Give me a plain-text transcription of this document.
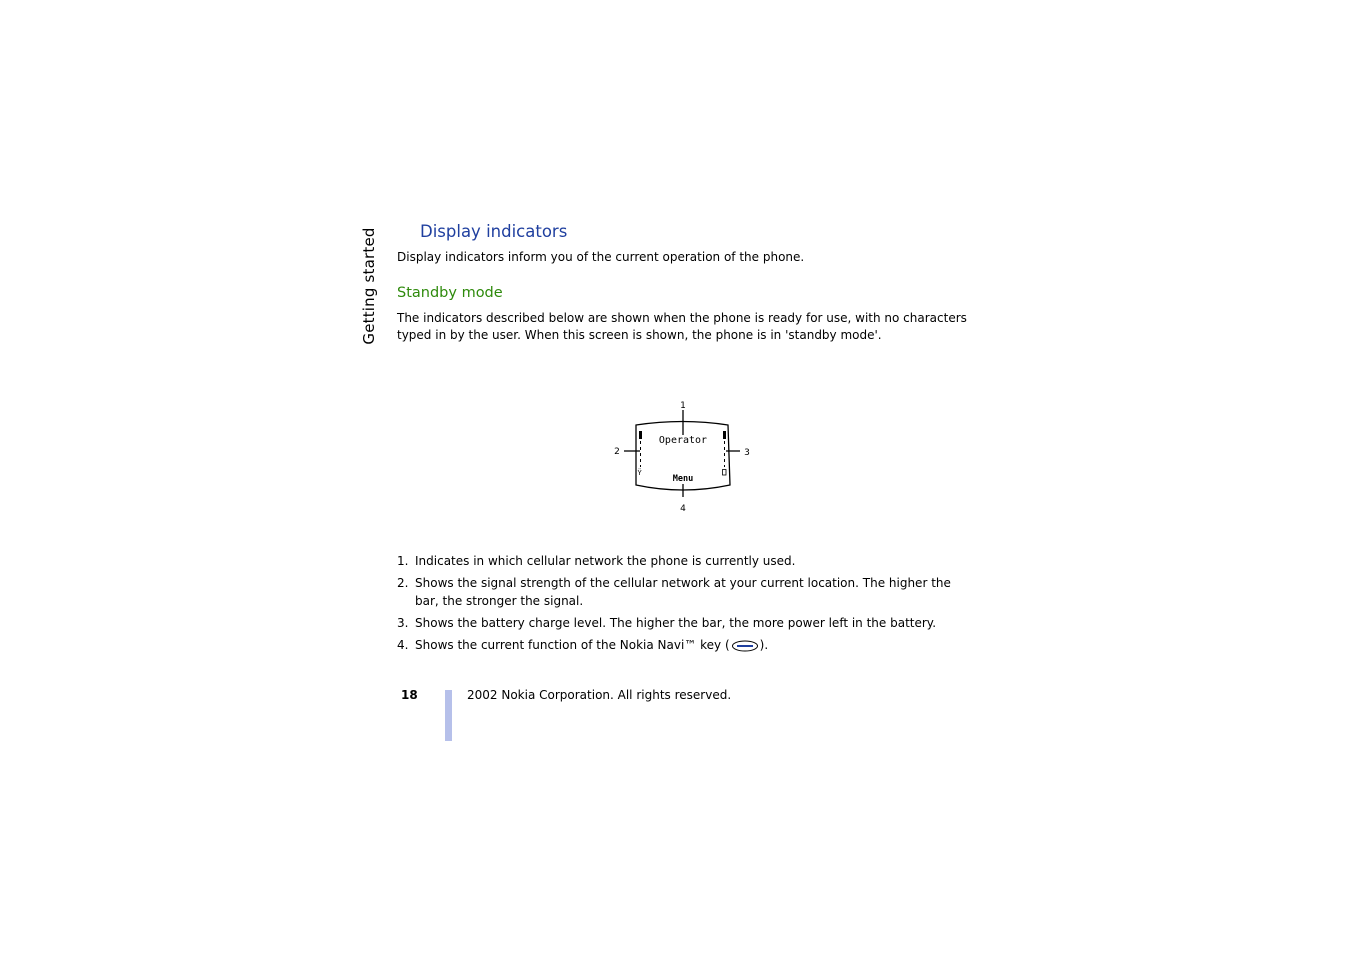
Getting started	Display indicators

Display indicators inform you of the current operation of the phone.

Standby mode

The indicators described below are shown when the phone is ready for use, with no characters typed in by the user. When this screen is shown, the phone is in 'standby mode'.

Ÿ
Operator
Menu
1
2	3
4
1. Indicates in which cellular network the phone is currently used.
2. Shows the signal strength of the cellular network at your current location. The higher the bar, the stronger the signal.
3. Shows the battery charge level. The higher the bar, the more power left in the battery.
4. Shows the current function of the Nokia Navi™ key (	).
18	2002 Nokia Corporation. All rights reserved.
